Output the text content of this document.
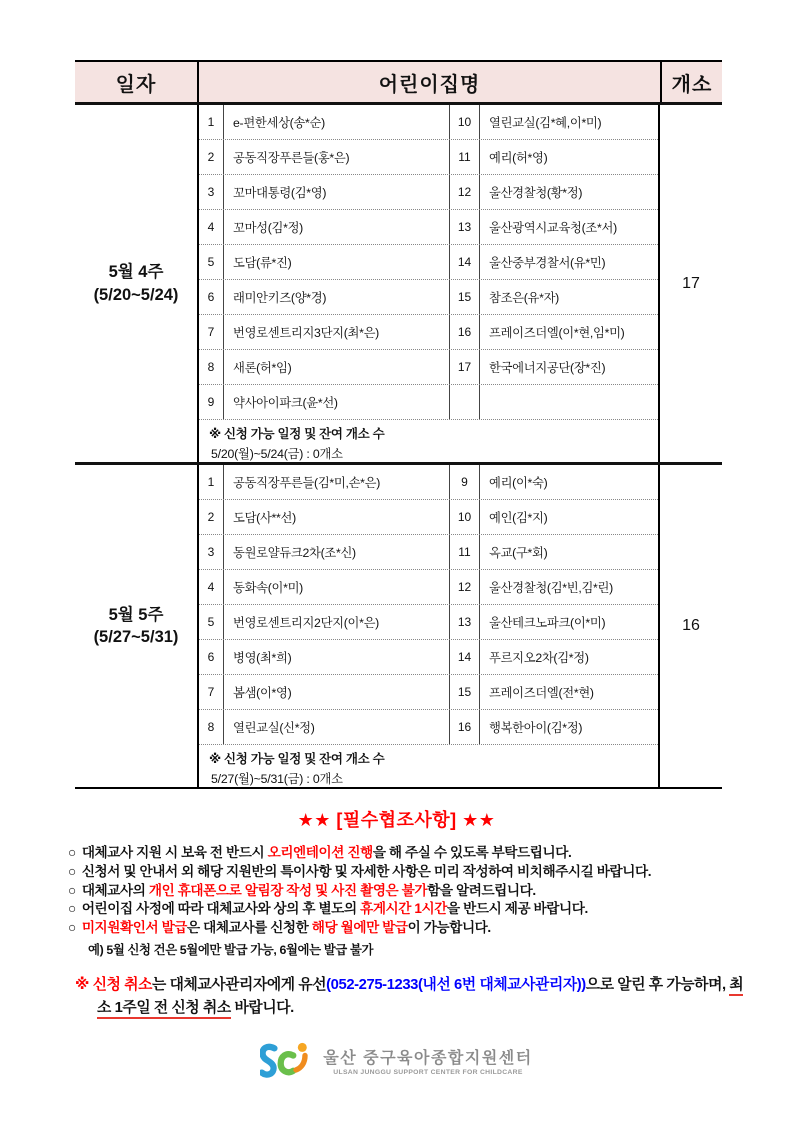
일자	어린이집명	개소
5월 4주
(5/20~5/24)
1	e-편한세상(송*순)	10	열린교실(김*혜,이*미)
2	공동직장푸른들(홍*은)	11	예리(허*영)
3	꼬마대통령(김*영)	12	울산경찰청(황*정)
4	꼬마성(김*정)	13	울산광역시교육청(조*서)
5	도담(류*진)	14	울산중부경찰서(유*민)
6	래미안키즈(양*경)	15	참조은(유*자)
7	번영로센트리지3단지(최*은)	16	프레이즈더엘(이*현,임*미)
8	새론(허*임)	17	한국에너지공단(장*진)
9	약사아이파크(윤*선)
※ 신청 가능 일정 및 잔여 개소 수
5/20(월)~5/24(금) : 0개소
17
5월 5주
(5/27~5/31)
1	공동직장푸른들(김*미,손*은)	9	예리(이*숙)
2	도담(사**선)	10	예인(김*지)
3	동원로얄듀크2차(조*신)	11	옥교(구*회)
4	동화속(이*미)	12	울산경찰청(김*빈,김*린)
5	번영로센트리지2단지(이*은)	13	울산테크노파크(이*미)
6	병영(최*희)	14	푸르지오2차(김*정)
7	봄샘(이*영)	15	프레이즈더엘(전*현)
8	열린교실(신*정)	16	행복한아이(김*정)
※ 신청 가능 일정 및 잔여 개소 수
5/27(월)~5/31(금) : 0개소
16
★★ [필수협조사항] ★★
○ 대체교사 지원 시 보육 전 반드시 오리엔테이션 진행을 해 주실 수 있도록 부탁드립니다.
○ 신청서 및 안내서 외 해당 지원반의 특이사항 및 자세한 사항은 미리 작성하여 비치해주시길 바랍니다.
○ 대체교사의 개인 휴대폰으로 알림장 작성 및 사진 촬영은 불가함을 알려드립니다.
○ 어린이집 사정에 따라 대체교사와 상의 후 별도의 휴게시간 1시간을 반드시 제공 바랍니다.
○ 미지원확인서 발급은 대체교사를 신청한 해당 월에만 발급이 가능합니다.
예) 5월 신청 건은 5월에만 발급 가능, 6월에는 발급 불가
※ 신청 취소는 대체교사관리자에게 유선(052-275-1233(내선 6번 대체교사관리자))으로 알린 후 가능하며, 최소 1주일 전 신청 취소 바랍니다.
울산 중구육아종합지원센터
ULSAN JUNGGU SUPPORT CENTER FOR CHILDCARE
